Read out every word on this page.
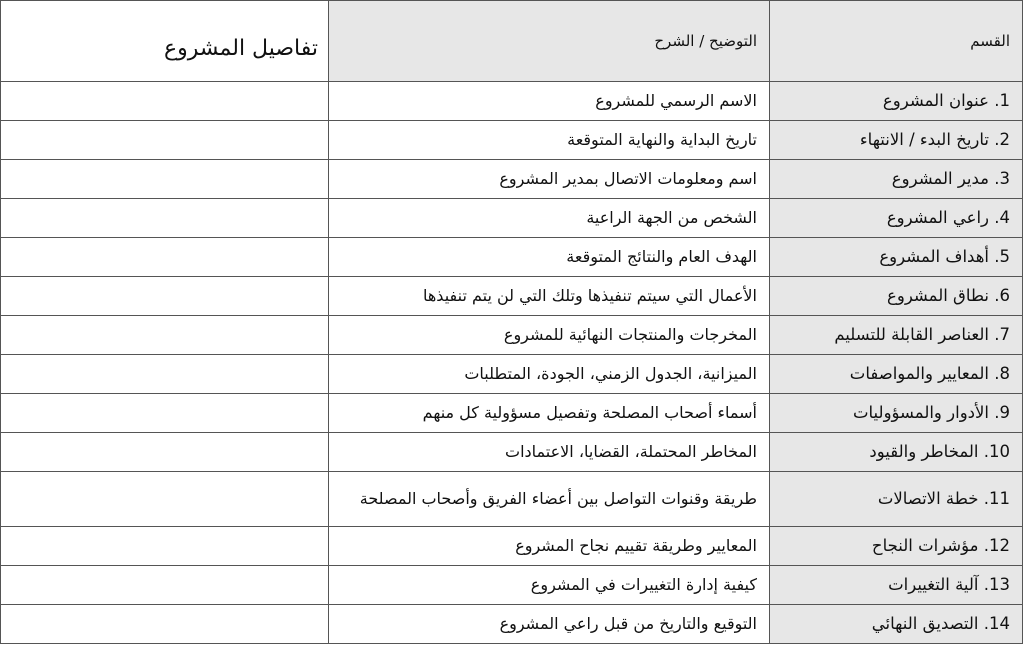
القسم	التوضيح / الشرح	تفاصيل المشروع
1. عنوان المشروع	الاسم الرسمي للمشروع	
2. تاريخ البدء / الانتهاء	تاريخ البداية والنهاية المتوقعة	
3. مدير المشروع	اسم ومعلومات الاتصال بمدير المشروع	
4. راعي المشروع	الشخص من الجهة الراعية	
5. أهداف المشروع	الهدف العام والنتائج المتوقعة	
6. نطاق المشروع	الأعمال التي سيتم تنفيذها وتلك التي لن يتم تنفيذها	
7. العناصر القابلة للتسليم	المخرجات والمنتجات النهائية للمشروع	
8. المعايير والمواصفات	الميزانية، الجدول الزمني، الجودة، المتطلبات	
9. الأدوار والمسؤوليات	أسماء أصحاب المصلحة وتفصيل مسؤولية كل منهم	
10. المخاطر والقيود	المخاطر المحتملة، القضايا، الاعتمادات	
11. خطة الاتصالات	طريقة وقنوات التواصل بين أعضاء الفريق وأصحاب المصلحة	
12. مؤشرات النجاح	المعايير وطريقة تقييم نجاح المشروع	
13. آلية التغييرات	كيفية إدارة التغييرات في المشروع	
14. التصديق النهائي	التوقيع والتاريخ من قبل راعي المشروع	
